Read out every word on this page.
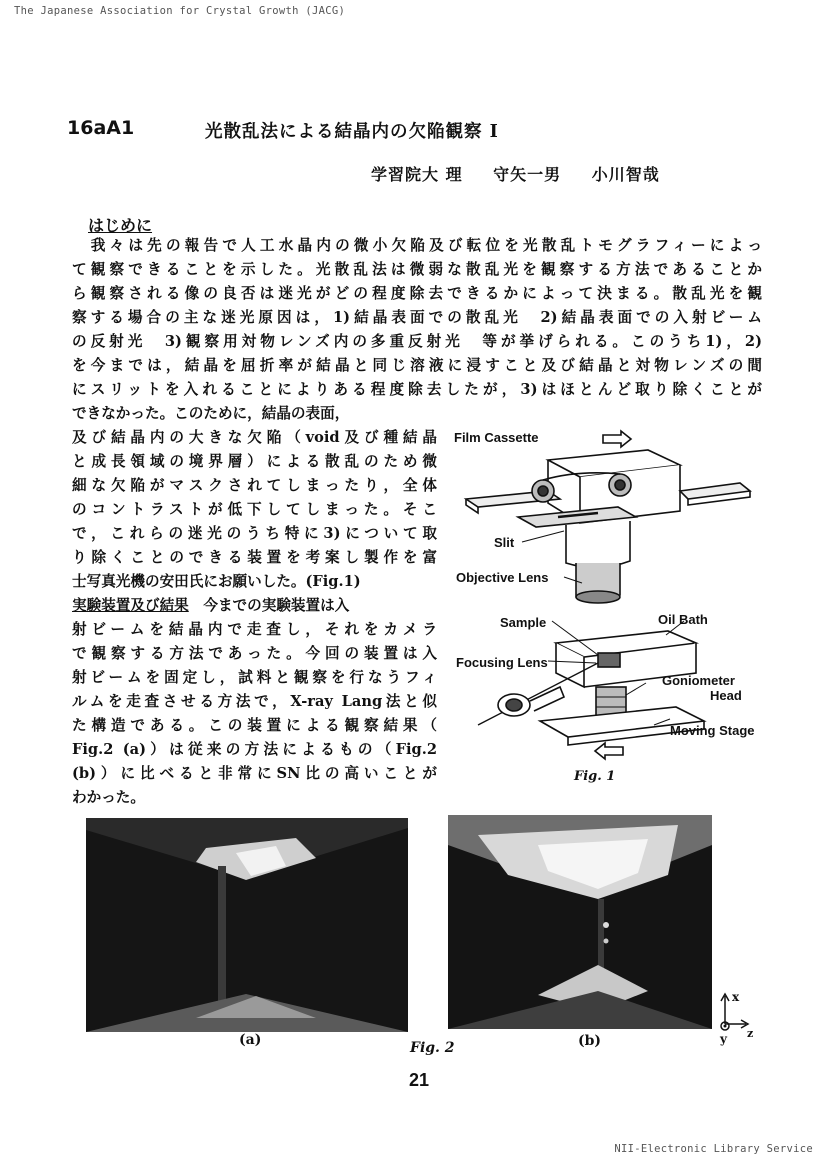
The Japanese Association for Crystal Growth (JACG)
16aA1	光散乱法による結晶内の欠陥観察 I
学習院大 理 守矢一男 小川智哉
はじめに
　我々は先の報告で人工水晶内の微小欠陥及び転位を光散乱トモグラフィーによっ
て観察できることを示した。光散乱法は微弱な散乱光を観察する方法であることか
ら観察される像の良否は迷光がどの程度除去できるかによって決まる。散乱光を観
察する場合の主な迷光原因は，1)結晶表面での散乱光　2)結晶表面での入射ビーム
の反射光　3)観察用対物レンズ内の多重反射光　等が挙げられる。このうち1)，2)
を今までは，結晶を屈折率が結晶と同じ溶液に浸すこと及び結晶と対物レンズの間
にスリットを入れることによりある程度除去したが，3)はほとんど取り除くことが
できなかった。このために，結晶の表面，
及び結晶内の大きな欠陥（void及び種結晶
と成長領域の境界層）による散乱のため微
細な欠陥がマスクされてしまったり，全体
のコントラストが低下してしまった。そこ
で，これらの迷光のうち特に3)について取
り除くことのできる装置を考案し製作を富
士写真光機の安田氏にお願いした。(Fig.1)
実験装置及び結果　今までの実験装置は入
射ビームを結晶内で走査し，それをカメラ
で観察する方法であった。今回の装置は入
射ビームを固定し，試料と観察を行なうフィ
ルムを走査させる方法で，X-ray Lang法と似
た構造である。この装置による観察結果（
Fig.2 (a)）は従来の方法によるもの（Fig.2
(b)）に比べると非常にSN比の高いことが
わかった。
Film Cassette
Slit
Objective Lens
Sample	Oil Bath
Focusing Lens
Goniometer
Head
Moving Stage
Fig. 1
(a)	(b)
Fig. 2
x
z
y
21
NII-Electronic Library Service
